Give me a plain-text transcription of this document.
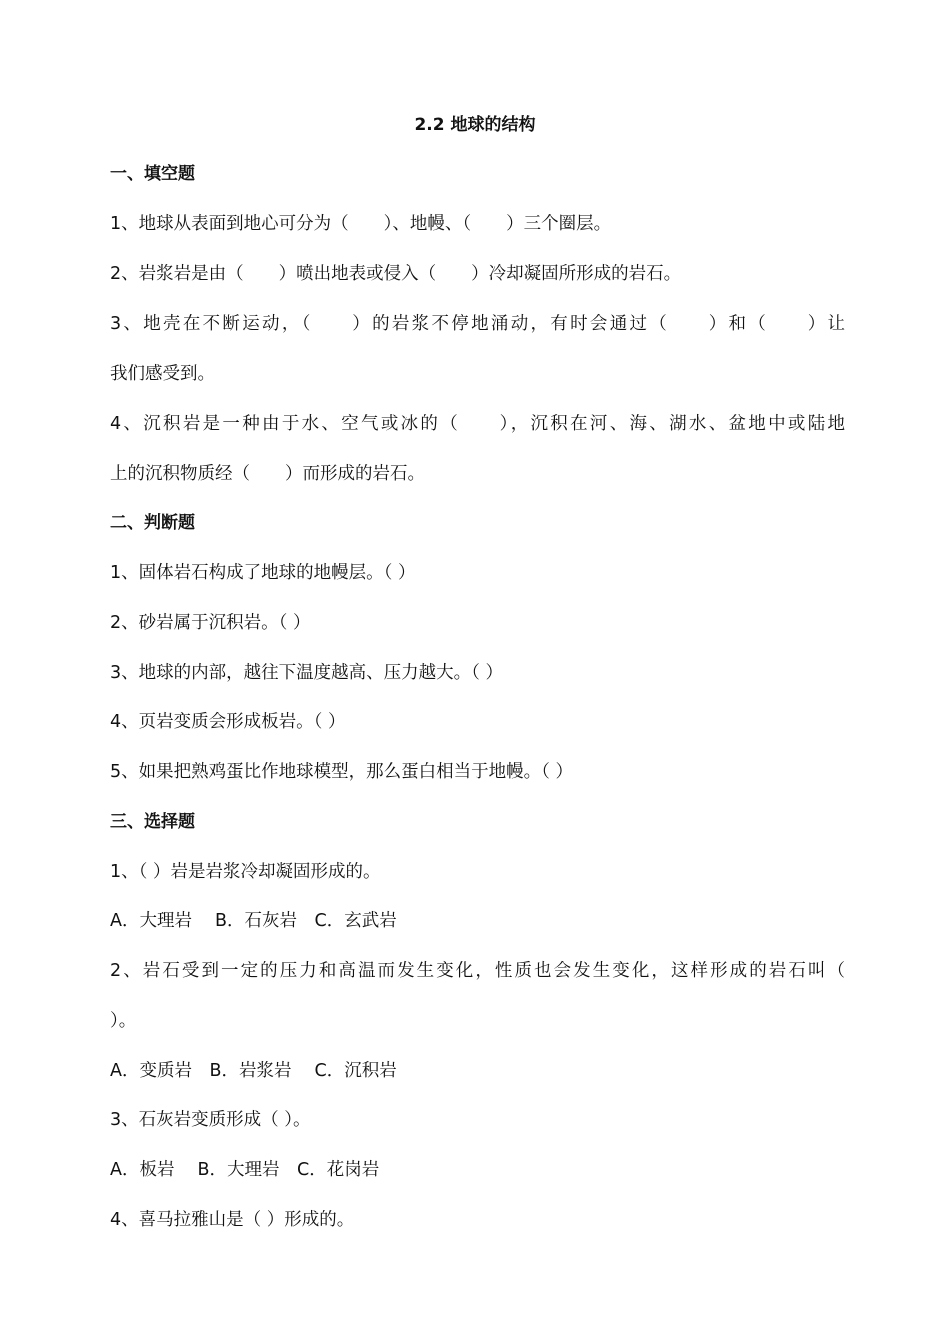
2.2 地球的结构
一、填空题
1、地球从表面到地心可分为（　　）、地幔、（　　）三个圈层。
2、岩浆岩是由（　　）喷出地表或侵入（　　）冷却凝固所形成的岩石。
3、地壳在不断运动，（　　）的岩浆不停地涌动，有时会通过（　　）和（　　）让
我们感受到。
4、沉积岩是一种由于水、空气或冰的（　　），沉积在河、海、湖水、盆地中或陆地
上的沉积物质经（　　）而形成的岩石。
二、判断题
1、固体岩石构成了地球的地幔层。（ ）
2、砂岩属于沉积岩。（ ）
3、地球的内部，越往下温度越高、压力越大。（ ）
4、页岩变质会形成板岩。（ ）
5、如果把熟鸡蛋比作地球模型，那么蛋白相当于地幔。（ ）
三、选择题
1、（ ）岩是岩浆冷却凝固形成的。
A．大理岩　 B．石灰岩　C．玄武岩
2、岩石受到一定的压力和高温而发生变化，性质也会发生变化，这样形成的岩石叫（
）。
A．变质岩　B．岩浆岩　 C．沉积岩
3、石灰岩变质形成（ ）。
A．板岩　 B．大理岩　C．花岗岩
4、喜马拉雅山是（ ）形成的。
